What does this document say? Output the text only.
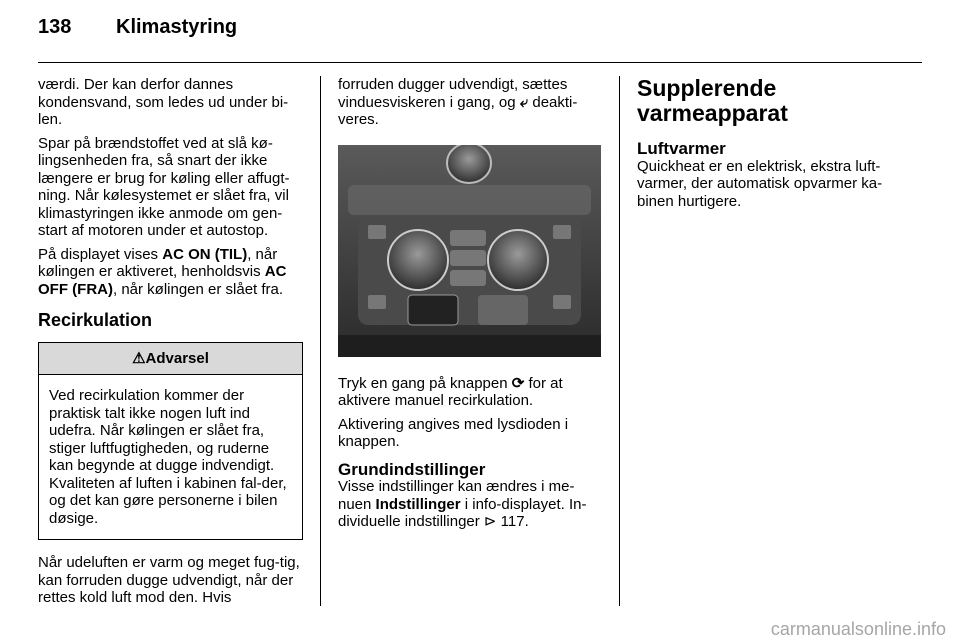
138 Klimastyring

værdi. Der kan derfor dannes kondensvand, som ledes ud under bi-len.

Spar på brændstoffet ved at slå kø-lingsenheden fra, så snart der ikke længere er brug for køling eller affugt-ning. Når kølesystemet er slået fra, vil klimastyringen ikke anmode om gen-start af motoren under et autostop.

På displayet vises AC ON (TIL), når kølingen er aktiveret, henholdsvis AC OFF (FRA), når kølingen er slået fra.

Recirkulation
⚠Advarsel
Ved recirkulation kommer der praktisk talt ikke nogen luft ind udefra. Når kølingen er slået fra, stiger luftfugtigheden, og ruderne kan begynde at dugge indvendigt. Kvaliteten af luften i kabinen fal-der, og det kan gøre personerne i bilen døsige.

Når udeluften er varm og meget fug-tig, kan forruden dugge udvendigt, når der rettes kold luft mod den. Hvis

forruden dugger udvendigt, sættes vinduesviskeren i gang, og ⤶ deakti-veres.

Tryk en gang på knappen ⟳ for at aktivere manuel recirkulation.

Aktivering angives med lysdioden i knappen.

Grundindstillinger

Visse indstillinger kan ændres i me-nuen Indstillinger i info-displayet. In-dividuelle indstillinger ⊳ 117.

Supplerende varmeapparat
Luftvarmer

Quickheat er en elektrisk, ekstra luft-varmer, der automatisk opvarmer ka-binen hurtigere.

carmanualsonline.info
